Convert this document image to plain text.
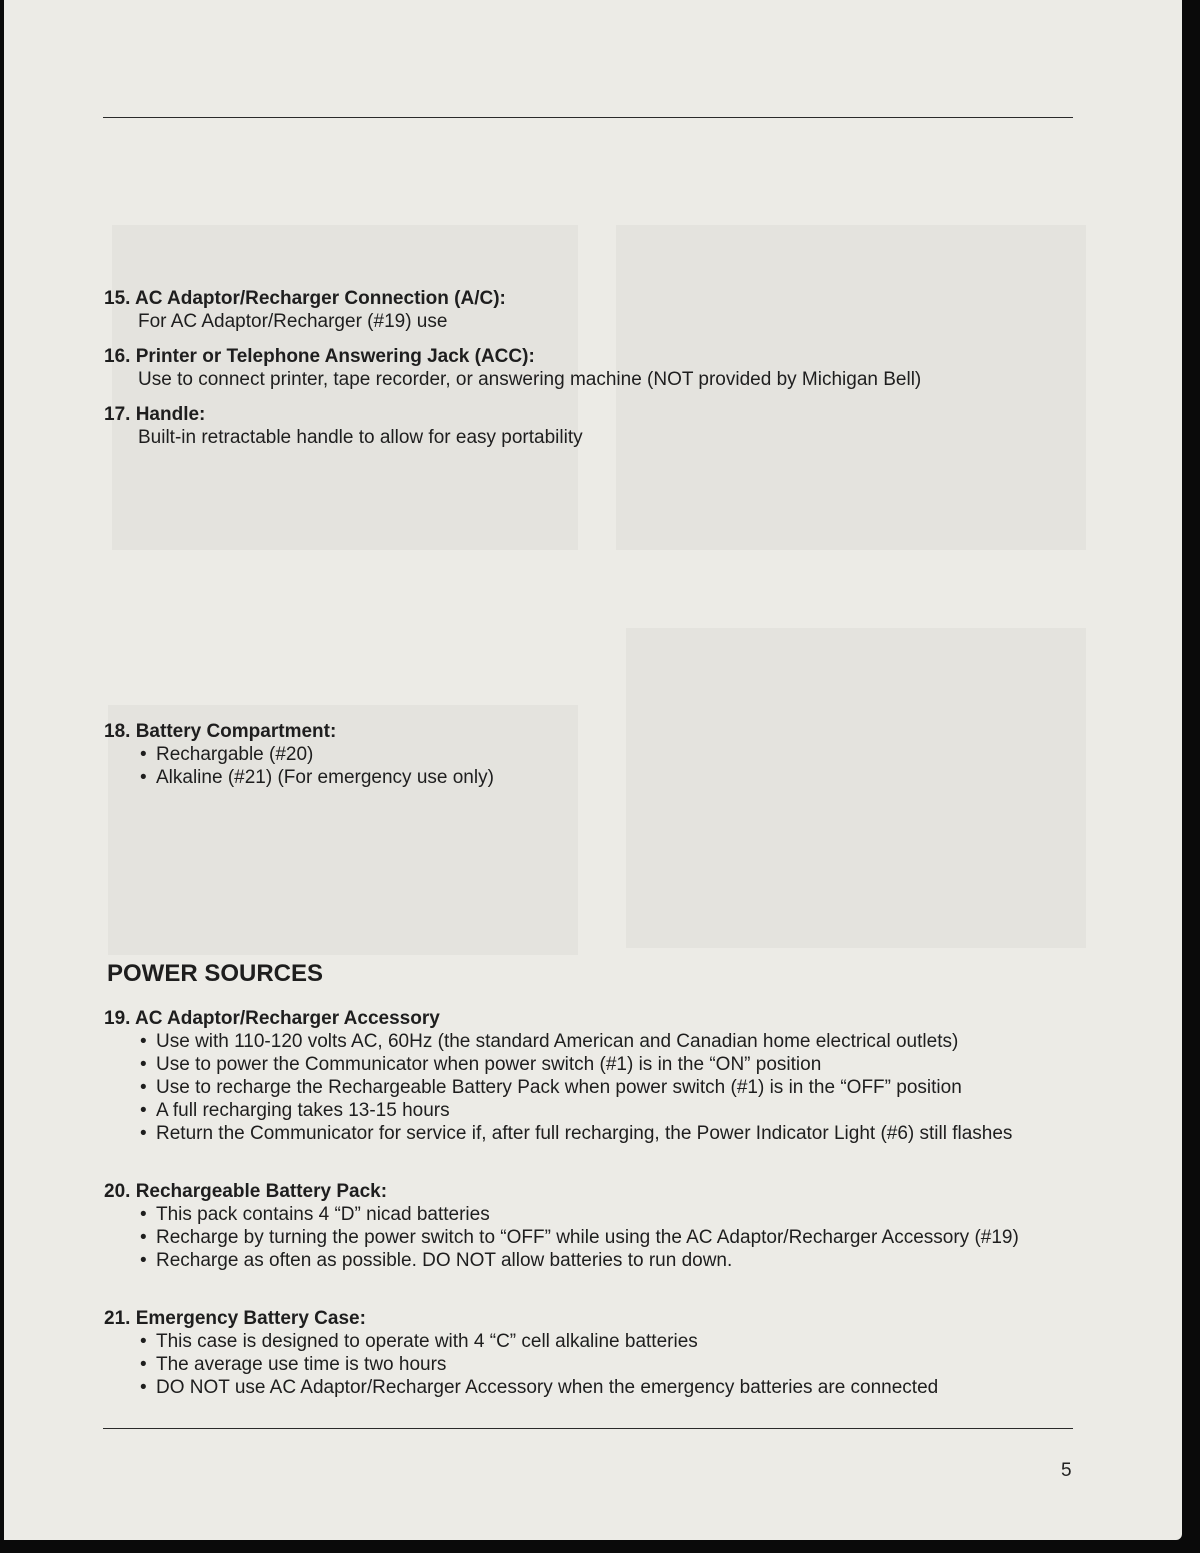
15. AC Adaptor/Recharger Connection (A/C):
For AC Adaptor/Recharger (#19) use
16. Printer or Telephone Answering Jack (ACC):
Use to connect printer, tape recorder, or answering machine (NOT provided by Michigan Bell)
17. Handle:
Built-in retractable handle to allow for easy portability
18. Battery Compartment:
• Rechargable (#20)
• Alkaline (#21) (For emergency use only)
POWER SOURCES
19. AC Adaptor/Recharger Accessory
• Use with 110-120 volts AC, 60Hz (the standard American and Canadian home electrical outlets)
• Use to power the Communicator when power switch (#1) is in the “ON” position
• Use to recharge the Rechargeable Battery Pack when power switch (#1) is in the “OFF” position
• A full recharging takes 13-15 hours
• Return the Communicator for service if, after full recharging, the Power Indicator Light (#6) still flashes
20. Rechargeable Battery Pack:
• This pack contains 4 “D” nicad batteries
• Recharge by turning the power switch to “OFF” while using the AC Adaptor/Recharger Accessory (#19)
• Recharge as often as possible. DO NOT allow batteries to run down.
21. Emergency Battery Case:
• This case is designed to operate with 4 “C” cell alkaline batteries
• The average use time is two hours
• DO NOT use AC Adaptor/Recharger Accessory when the emergency batteries are connected
5
